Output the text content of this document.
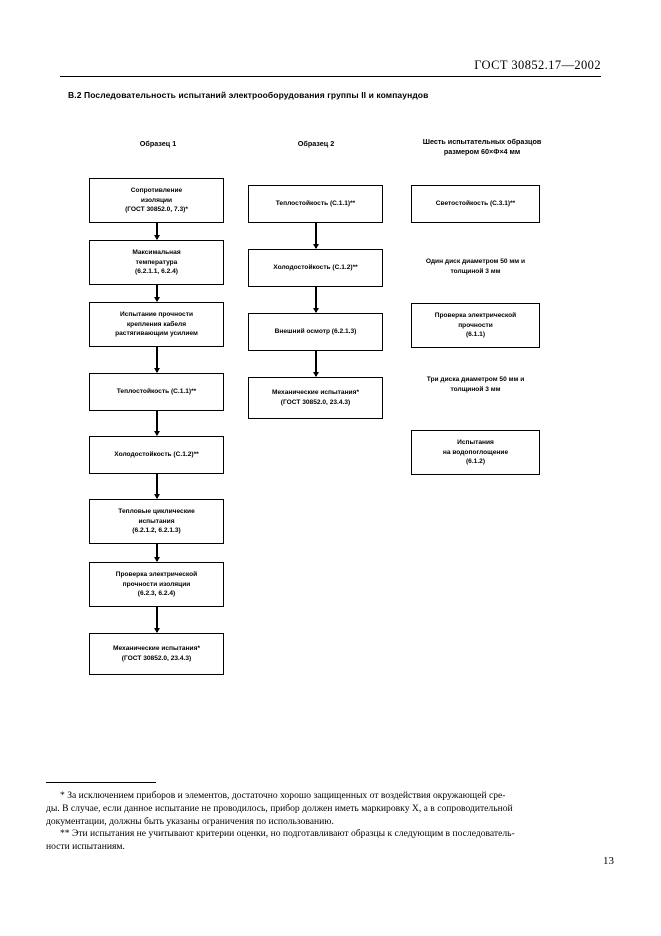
ГОСТ 30852.17—2002
В.2 Последовательность испытаний электрооборудования группы II и компаундов
Образец 1	Образец 2	Шесть испытательных образцов размером 60×Ф×4 мм
Сопротивление
изоляции
(ГОСТ 30852.0, 7.3)*
Максимальная
температура
(6.2.1.1, 6.2.4)
Испытание прочности
крепления кабеля
растягивающим усилием
Теплостойкость (С.1.1)**
Холодостойкость (С.1.2)**
Тепловые циклические
испытания
(6.2.1.2, 6.2.1.3)
Проверка электрической
прочности изоляции
(6.2.3, 6.2.4)
Механические испытания*
(ГОСТ 30852.0, 23.4.3)
Теплостойкость (С.1.1)**
Холодостойкость (С.1.2)**
Внешний осмотр (6.2.1.3)
Механические испытания*
(ГОСТ 30852.0, 23.4.3)
Светостойкость (С.3.1)**
Один диск диаметром 50 мм и толщиной 3 мм
Проверка электрической
прочности
(6.1.1)
Три диска диаметром 50 мм и толщиной 3 мм
Испытания
на водопоглощение
(6.1.2)

* За исключением приборов и элементов, достаточно хорошо защищенных от воздействия окружающей сре-

ды. В случае, если данное испытание не проводилось, прибор должен иметь маркировку X, а в сопроводительной

документации, должны быть указаны ограничения по использованию.

** Эти испытания не учитывают критерии оценки, но подготавливают образцы к следующим в последователь-

ности испытаниям.

13
